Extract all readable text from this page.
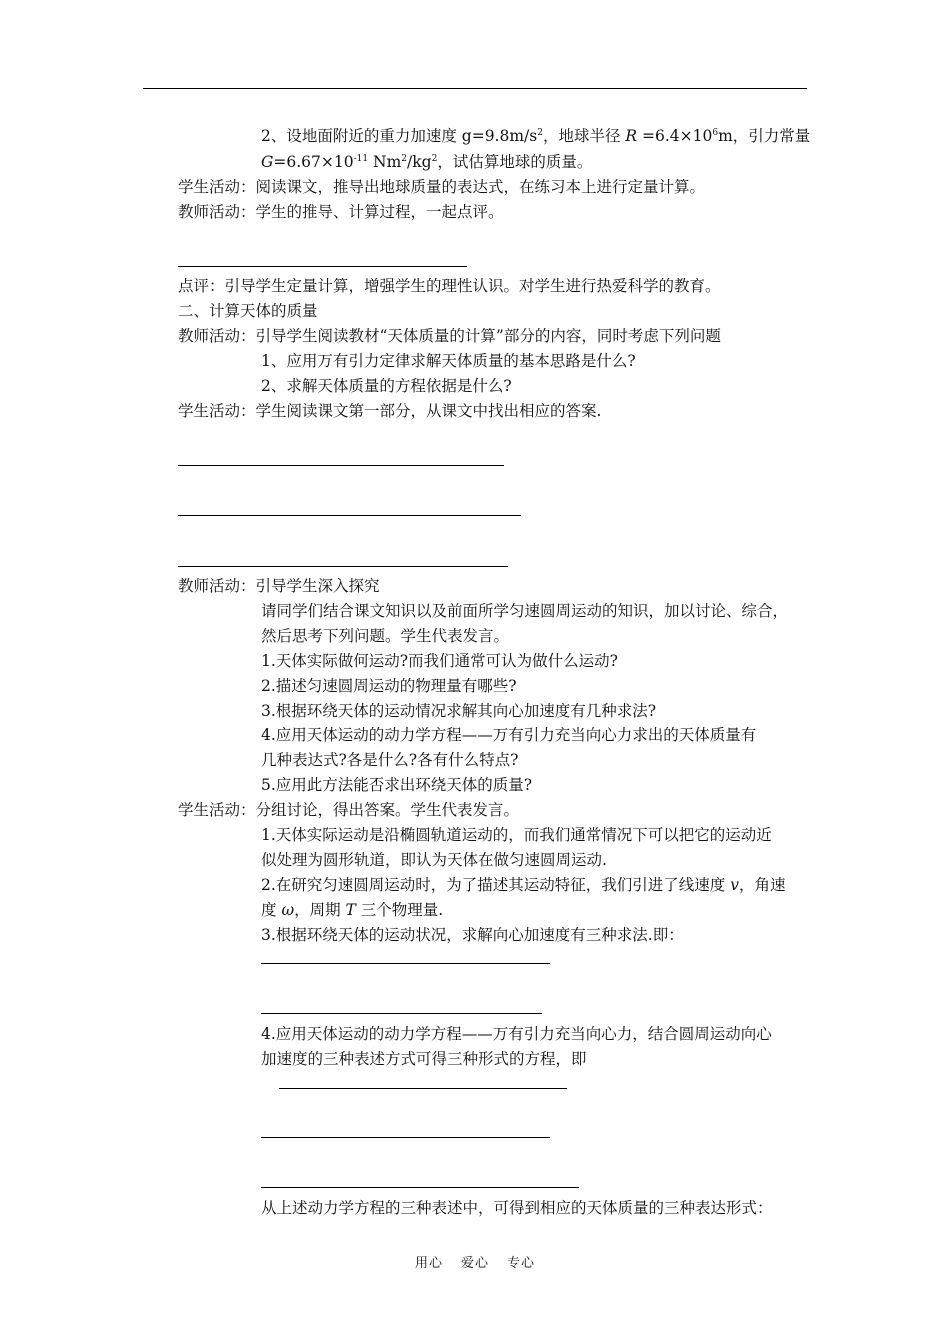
2、设地面附近的重力加速度 $g=9.8m/s^2$，地球半径 $R =6.4\times 10^6m$，引力常量
$G=6.67\times 10^{-11}$ $Nm^2/kg^2$，试估算地球的质量。
学生活动：阅读课文，推导出地球质量的表达式，在练习本上进行定量计算。
教师活动：学生的推导、计算过程，一起点评。
点评：引导学生定量计算，增强学生的理性认识。对学生进行热爱科学的教育。
二、计算天体的质量
教师活动：引导学生阅读教材“天体质量的计算”部分的内容，同时考虑下列问题
1、应用万有引力定律求解天体质量的基本思路是什么?
2、求解天体质量的方程依据是什么?
学生活动：学生阅读课文第一部分，从课文中找出相应的答案.
教师活动：引导学生深入探究
请同学们结合课文知识以及前面所学匀速圆周运动的知识，加以讨论、综合，
然后思考下列问题。学生代表发言。
1.天体实际做何运动?而我们通常可认为做什么运动?
2.描述匀速圆周运动的物理量有哪些?
3.根据环绕天体的运动情况求解其向心加速度有几种求法?
4.应用天体运动的动力学方程——万有引力充当向心力求出的天体质量有
几种表达式?各是什么?各有什么特点?
5.应用此方法能否求出环绕天体的质量?
学生活动：分组讨论，得出答案。学生代表发言。
1.天体实际运动是沿椭圆轨道运动的，而我们通常情况下可以把它的运动近
似处理为圆形轨道，即认为天体在做匀速圆周运动.
2.在研究匀速圆周运动时，为了描述其运动特征，我们引进了线速度 v，角速
度 ω，周期 T 三个物理量.
3.根据环绕天体的运动状况，求解向心加速度有三种求法.即：
4.应用天体运动的动力学方程——万有引力充当向心力，结合圆周运动向心
加速度的三种表述方式可得三种形式的方程，即
从上述动力学方程的三种表述中，可得到相应的天体质量的三种表达形式：
用心 爱心 专心
